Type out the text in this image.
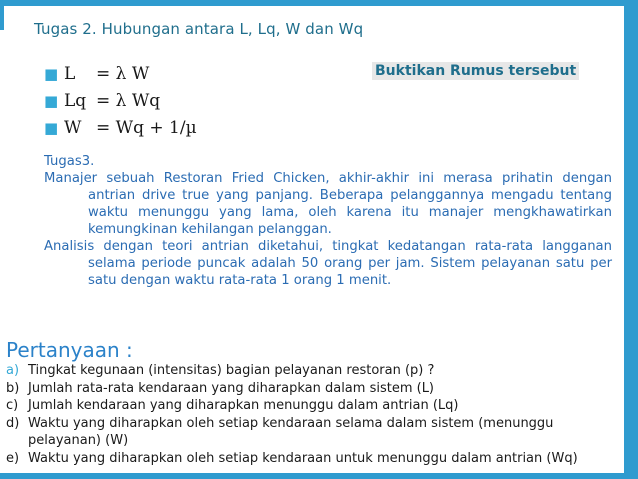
Tugas 2. Hubungan antara L, Lq, W dan Wq
■ L	= λ W
■ Lq = λ Wq
■ W = Wq + 1/µ
Buktikan Rumus tersebut

Tugas3.

Manajer sebuah Restoran Fried Chicken, akhir-akhir ini merasa prihatin dengan antrian drive true yang panjang. Beberapa pelanggannya mengadu tentang waktu menunggu yang lama, oleh karena itu manajer mengkhawatirkan kemungkinan kehilangan pelanggan.

Analisis dengan teori antrian diketahui, tingkat kedatangan rata-rata langganan selama periode puncak adalah 50 orang per jam. Sistem pelayanan satu per satu dengan waktu rata-rata 1 orang 1 menit.

Pertanyaan :
a) Tingkat kegunaan (intensitas) bagian pelayanan restoran (p) ?
b) Jumlah rata-rata kendaraan yang diharapkan dalam sistem (L)
c) Jumlah kendaraan yang diharapkan menunggu dalam antrian (Lq)
d) Waktu yang diharapkan oleh setiap kendaraan selama dalam sistem (menunggu pelayanan) (W)
e) Waktu yang diharapkan oleh setiap kendaraan untuk menunggu dalam antrian (Wq)
